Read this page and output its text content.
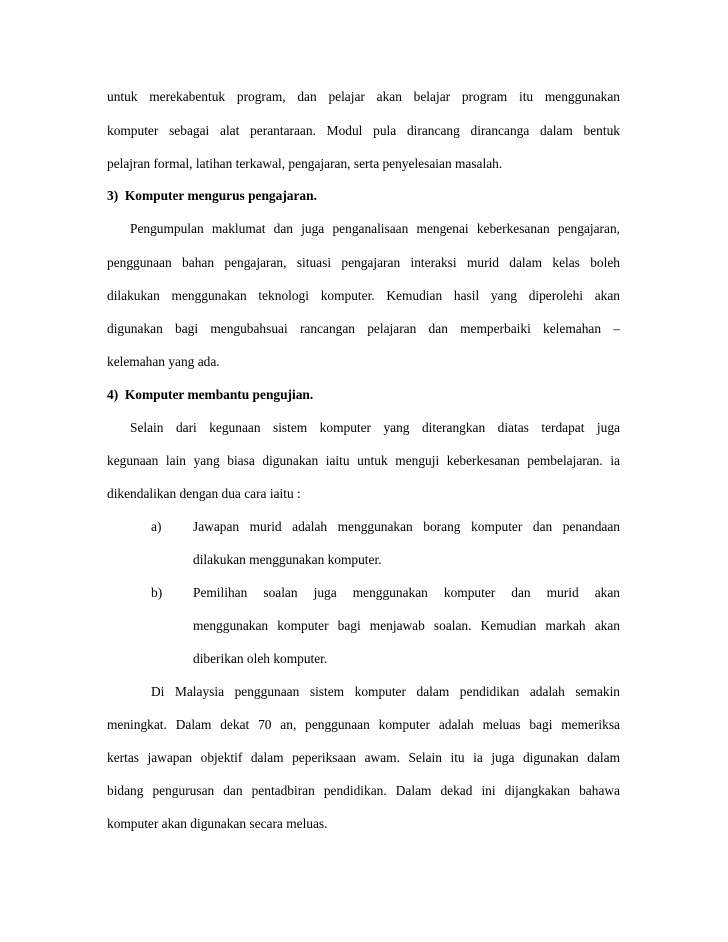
untuk merekabentuk program, dan pelajar akan belajar program itu menggunakan
komputer sebagai alat perantaraan. Modul pula dirancang dirancanga dalam bentuk
pelajran formal, latihan terkawal, pengajaran, serta penyelesaian masalah.
3)  Komputer mengurus pengajaran.
Pengumpulan maklumat dan juga penganalisaan mengenai keberkesanan pengajaran,
penggunaan bahan pengajaran, situasi pengajaran interaksi murid dalam kelas boleh
dilakukan menggunakan teknologi komputer. Kemudian hasil yang diperolehi akan
digunakan bagi mengubahsuai rancangan pelajaran dan memperbaiki kelemahan –
kelemahan yang ada.
4)  Komputer membantu pengujian.
Selain dari kegunaan sistem komputer yang diterangkan diatas terdapat juga
kegunaan lain yang biasa digunakan iaitu untuk menguji keberkesanan pembelajaran. ia
dikendalikan dengan dua cara iaitu :
a) Jawapan murid adalah menggunakan borang komputer dan penandaan
dilakukan menggunakan komputer.
b) Pemilihan soalan juga menggunakan komputer dan murid akan
menggunakan komputer bagi menjawab soalan. Kemudian markah akan
diberikan oleh komputer.
Di Malaysia penggunaan sistem komputer dalam pendidikan adalah semakin
meningkat. Dalam dekat 70 an, penggunaan komputer adalah meluas bagi memeriksa
kertas jawapan objektif dalam peperiksaan awam. Selain itu ia juga digunakan dalam
bidang pengurusan dan pentadbiran pendidikan. Dalam dekad ini dijangkakan bahawa
komputer akan digunakan secara meluas.
